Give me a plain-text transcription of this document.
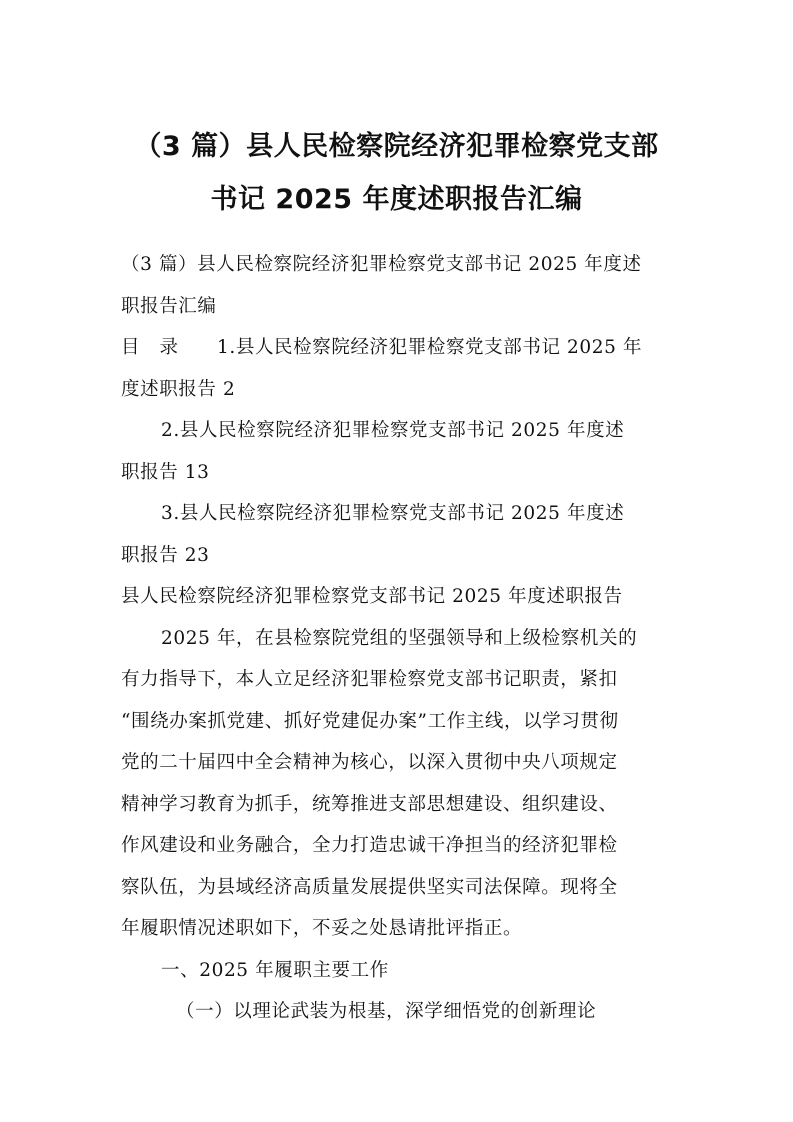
（3 篇）县人民检察院经济犯罪检察党支部
书记 2025 年度述职报告汇编

（3 篇）县人民检察院经济犯罪检察党支部书记 2025 年度述

职报告汇编

目 录 1.县人民检察院经济犯罪检察党支部书记 2025 年

度述职报告 2

2.县人民检察院经济犯罪检察党支部书记 2025 年度述

职报告 13

3.县人民检察院经济犯罪检察党支部书记 2025 年度述

职报告 23

县人民检察院经济犯罪检察党支部书记 2025 年度述职报告

2025 年，在县检察院党组的坚强领导和上级检察机关的

有力指导下，本人立足经济犯罪检察党支部书记职责，紧扣

“围绕办案抓党建、抓好党建促办案”工作主线，以学习贯彻

党的二十届四中全会精神为核心，以深入贯彻中央八项规定

精神学习教育为抓手，统筹推进支部思想建设、组织建设、

作风建设和业务融合，全力打造忠诚干净担当的经济犯罪检

察队伍，为县域经济高质量发展提供坚实司法保障。现将全

年履职情况述职如下，不妥之处恳请批评指正。

一、2025 年履职主要工作

（一）以理论武装为根基，深学细悟党的创新理论
